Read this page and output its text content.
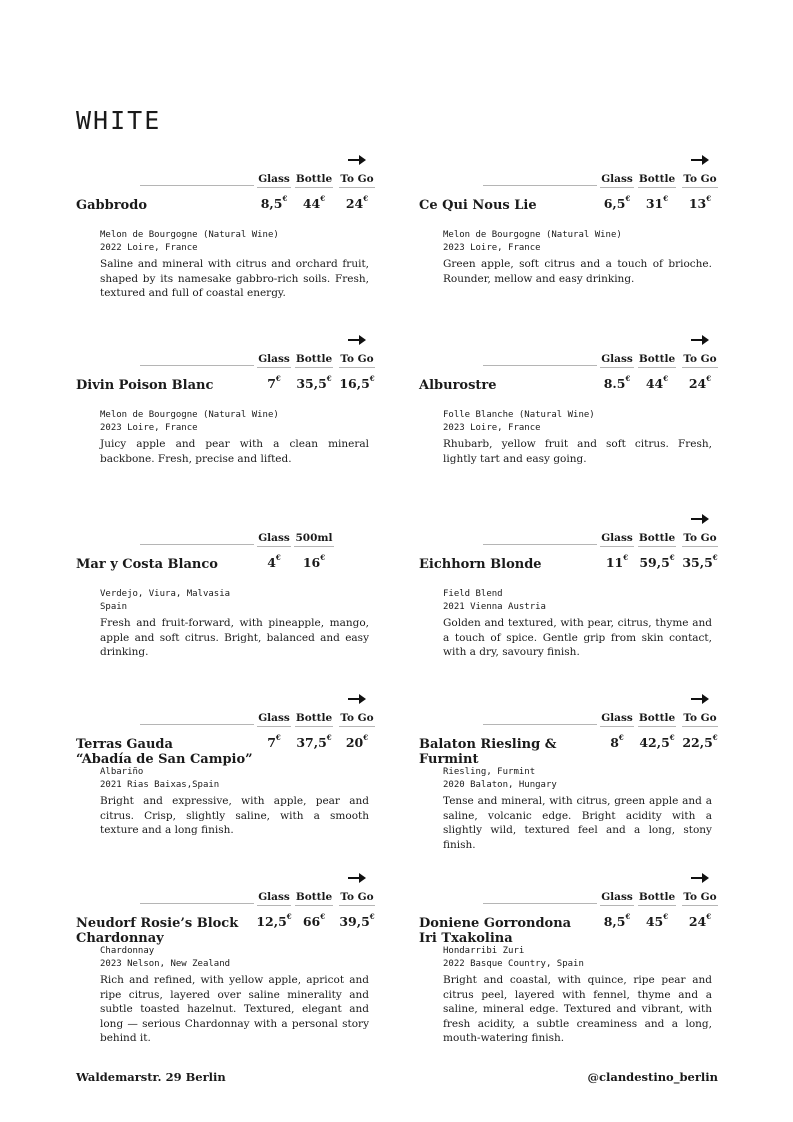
WHITE
Glass Bottle To Go
Gabbrodo	8,5€	44€	24€
Melon de Bourgogne (Natural Wine)
2022 Loire, France
Saline and mineral with citrus and orchard fruit, shaped by its namesake gabbro-rich soils. Fresh, textured and full of coastal energy.
Glass Bottle To Go
Ce Qui Nous Lie	6,5€	31€	13€
Melon de Bourgogne (Natural Wine)
2023 Loire, France
Green apple, soft citrus and a touch of brioche. Rounder, mellow and easy drinking.
Glass Bottle To Go
Divin Poison Blanc	7€	35,5€ 16,5€
Melon de Bourgogne (Natural Wine)
2023 Loire, France
Juicy apple and pear with a clean mineral backbone. Fresh, precise and lifted.
Glass Bottle To Go
Alburostre	8.5€	44€	24€
Folle Blanche (Natural Wine)
2023 Loire, France
Rhubarb, yellow fruit and soft citrus. Fresh, lightly tart and easy going.
Glass 500ml
Mar y Costa Blanco	4€	16€
Verdejo, Viura, Malvasia
Spain
Fresh and fruit-forward, with pineapple, mango, apple and soft citrus. Bright, balanced and easy drinking.
Glass Bottle To Go
Eichhorn Blonde	11€ 59,5€ 35,5€
Field Blend
2021 Vienna Austria
Golden and textured, with pear, citrus, thyme and a touch of spice. Gentle grip from skin contact, with a dry, savoury finish.
Glass Bottle To Go
Terras Gauda
“Abadía de San Campio”
7€	37,5€	20€
Albariño
2021 Rias Baixas,Spain
Bright and expressive, with apple, pear and citrus. Crisp, slightly saline, with a smooth texture and a long finish.
Glass Bottle To Go
Balaton Riesling &
Furmint
8€	42,5€ 22,5€
Riesling, Furmint
2020 Balaton, Hungary
Tense and mineral, with citrus, green apple and a saline, volcanic edge. Bright acidity with a slightly wild, textured feel and a long, stony finish.
Glass Bottle To Go
Neudorf Rosie’s Block
Chardonnay
12,5€ 66€	39,5€
Chardonnay
2023 Nelson, New Zealand
Rich and refined, with yellow apple, apricot and ripe citrus, layered over saline minerality and subtle toasted hazelnut. Textured, elegant and long — serious Chardonnay with a personal story behind it.
Glass Bottle To Go
Doniene Gorrondona
Iri Txakolina
8,5€	45€	24€
Hondarribi Zuri
2022 Basque Country, Spain
Bright and coastal, with quince, ripe pear and citrus peel, layered with fennel, thyme and a saline, mineral edge. Textured and vibrant, with fresh acidity, a subtle creaminess and a long, mouth-watering finish.
Waldemarstr. 29 Berlin	@clandestino_berlin
